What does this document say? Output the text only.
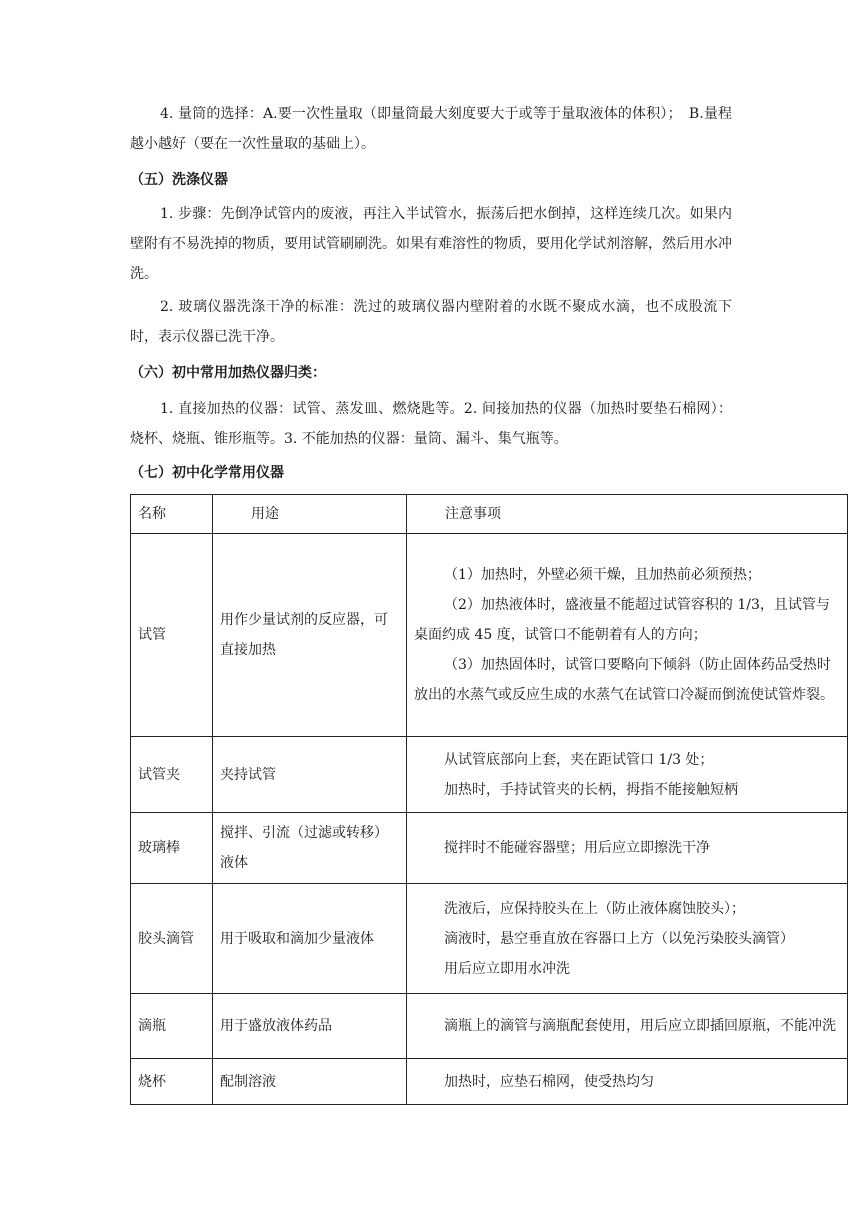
4. 量筒的选择：A.要一次性量取（即量筒最大刻度要大于或等于量取液体的体积）；　B.量程越小越好（要在一次性量取的基础上）。

（五）洗涤仪器

1. 步骤：先倒净试管内的废液，再注入半试管水，振荡后把水倒掉，这样连续几次。如果内壁附有不易洗掉的物质，要用试管刷刷洗。如果有难溶性的物质，要用化学试剂溶解，然后用水冲洗。

2. 玻璃仪器洗涤干净的标准：洗过的玻璃仪器内壁附着的水既不聚成水滴，也不成股流下时，表示仪器已洗干净。

（六）初中常用加热仪器归类：

1. 直接加热的仪器：试管、蒸发皿、燃烧匙等。2. 间接加热的仪器（加热时要垫石棉网）：烧杯、烧瓶、锥形瓶等。3. 不能加热的仪器：量筒、漏斗、集气瓶等。

（七）初中化学常用仪器

名称	用途	注意事项
试管	用作少量试剂的反应器，可直接加热	（1）加热时，外壁必须干燥，且加热前必须预热；

（2）加热液体时，盛液量不能超过试管容积的 1/3，且试管与桌面约成 45 度，试管口不能朝着有人的方向；

（3）加热固体时，试管口要略向下倾斜（防止固体药品受热时放出的水蒸气或反应生成的水蒸气在试管口冷凝而倒流使试管炸裂。

试管夹	夹持试管	从试管底部向上套，夹在距试管口 1/3 处；

加热时，手持试管夹的长柄，拇指不能接触短柄

玻璃棒	搅拌、引流（过滤或转移）液体	搅拌时不能碰容器壁；用后应立即擦洗干净

胶头滴管	用于吸取和滴加少量液体	洗液后，应保持胶头在上（防止液体腐蚀胶头）；

滴液时，悬空垂直放在容器口上方（以免污染胶头滴管）

用后应立即用水冲洗

滴瓶	用于盛放液体药品	滴瓶上的滴管与滴瓶配套使用，用后应立即插回原瓶，不能冲洗

烧杯	配制溶液	加热时，应垫石棉网，使受热均匀
